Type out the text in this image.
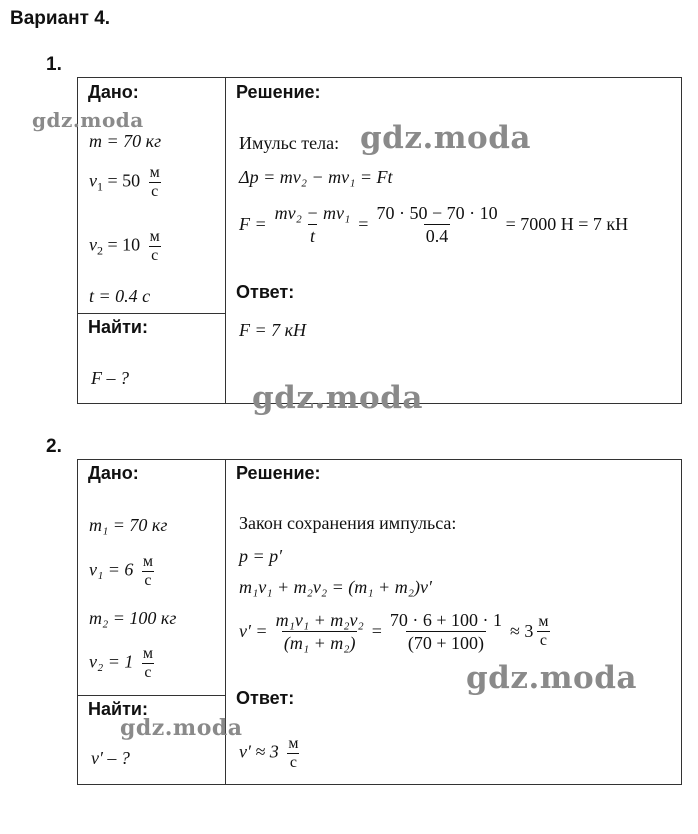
Вариант 4.
1.
Дано:	Решение:
gdz.moda
m = 70 кг
$v_1 = 50$ м
с
$v_2 = 10$ м
с
t = 0.4 с
Найти:
F – ?
Имульс тела: gdz.moda
Δp = mv₂ − mv₁ = Ft
$F = \frac{\text{mv₂ − mv₁}}{t} = \frac{70 \cdot 50 - 70 \cdot 10}{0.4} = 7000$ Н = 7 кН
Ответ:
F = 7 кН
gdz.moda
2.
Дано:	Решение:
m₁ = 70 кг
v₁ = 6 м
с
m₂ = 100 кг
v₂ = 1 м
с
Найти:
gdz.moda
v′ – ?
Закон сохранения импульса:
p = p′
m₁v₁ + m₂v₂ = (m₁ + m₂)v′
$v' = \frac{\text{m₁v₁ + m₂v₂}}{\text{(m₁ + m₂)}} = \frac{70 \cdot 6 + 100 \cdot 1}{(70 + 100)} \approx 3$ м
с
gdz.moda
Ответ:
v′ ≈ 3 м
с
